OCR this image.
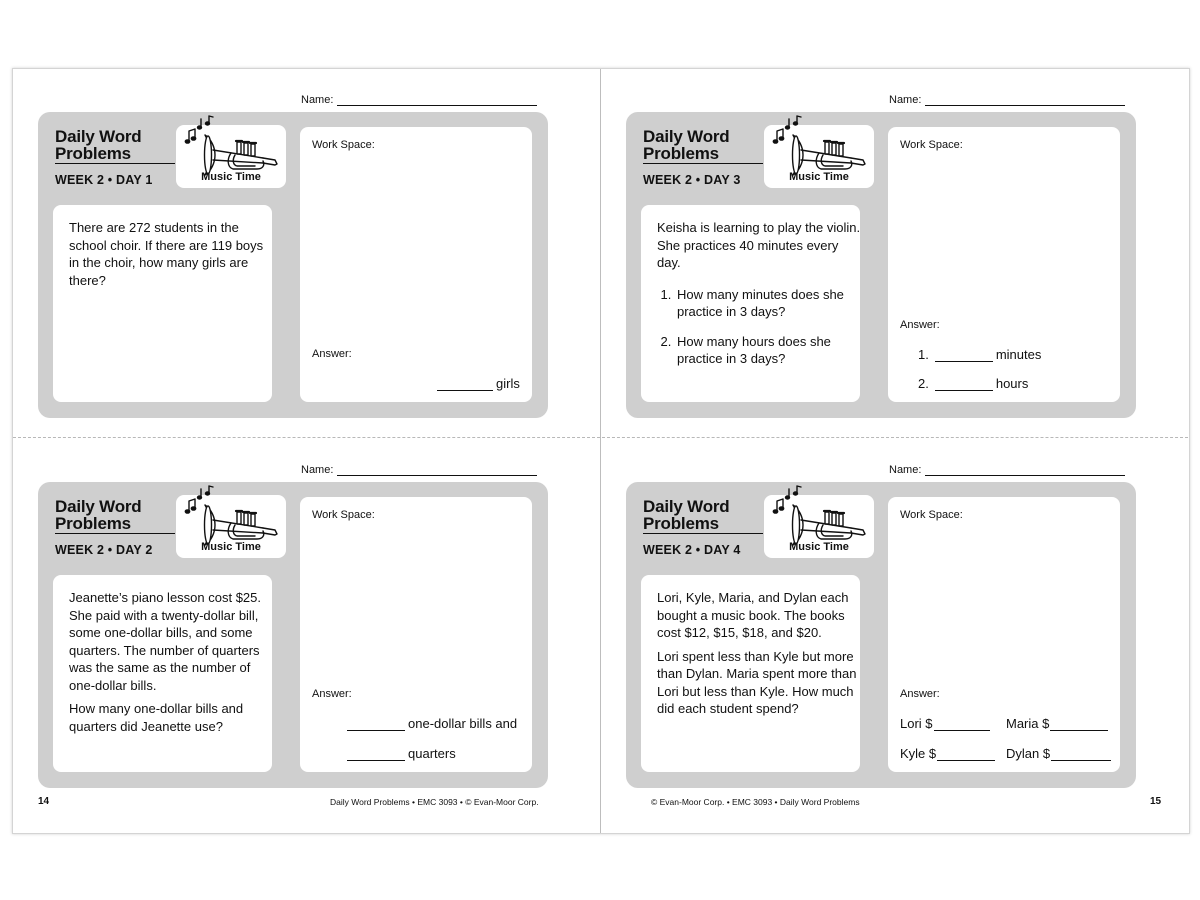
Name:
Daily Word
Problems
WEEK 2 • DAY 1	Music Time

There are 272 students in the school choir. If there are 119 boys in the choir, how many girls are there?

Work Space:
Answer:
girls
Name:
Daily Word
Problems
WEEK 2 • DAY 2	Music Time

Jeanette’s piano lesson cost $25. She paid with a twenty-dollar bill, some one-dollar bills, and some quarters. The number of quarters was the same as the number of one-dollar bills.

How many one-dollar bills and quarters did Jeanette use?

Work Space:
Answer:
one-dollar bills and
quarters
14	Daily Word Problems • EMC 3093 • © Evan-Moor Corp.
Name:
Daily Word
Problems
WEEK 2 • DAY 3	Music Time

Keisha is learning to play the violin. She practices 40 minutes every day.

1. How many minutes does she practice in 3 days?
2. How many hours does she practice in 3 days?
Work Space:
Answer:
1.	minutes
2.	hours
Name:
Daily Word
Problems
WEEK 2 • DAY 4	Music Time

Lori, Kyle, Maria, and Dylan each bought a music book. The books cost $12, $15, $18, and $20.

Lori spent less than Kyle but more than Dylan. Maria spent more than Lori but less than Kyle. How much did each student spend?

Work Space:
Answer:
Lori $	Maria $
Kyle $	Dylan $
© Evan-Moor Corp. • EMC 3093 • Daily Word Problems	15
